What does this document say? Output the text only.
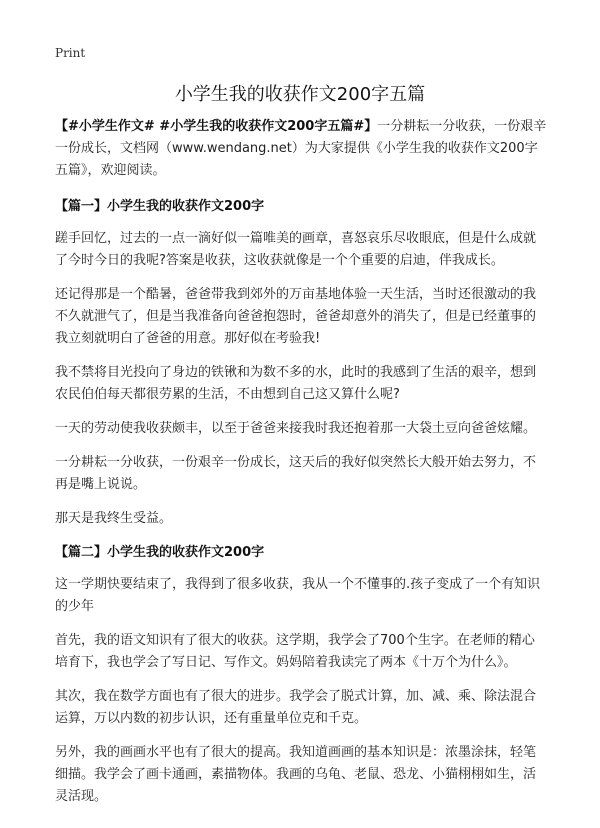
Print
小学生我的收获作文200字五篇

【#小学生作文# #小学生我的收获作文200字五篇#】一分耕耘一分收获，一份艰辛一份成长，文档网（www.wendang.net）为大家提供《小学生我的收获作文200字五篇》，欢迎阅读。

【篇一】小学生我的收获作文200字

蹉手回忆，过去的一点一滴好似一篇唯美的画章，喜怒哀乐尽收眼底，但是什么成就了今时今日的我呢?答案是收获，这收获就像是一个个重要的启迪，伴我成长。

还记得那是一个酷暑，爸爸带我到郊外的万亩基地体验一天生活，当时还很激动的我不久就泄气了，但是当我准备向爸爸抱怨时，爸爸却意外的消失了，但是已经董事的我立刻就明白了爸爸的用意。那好似在考验我!

我不禁将目光投向了身边的铁锹和为数不多的水，此时的我感到了生活的艰辛，想到农民伯伯每天都很劳累的生活，不由想到自己这又算什么呢?

一天的劳动使我收获颇丰，以至于爸爸来接我时我还抱着那一大袋土豆向爸爸炫耀。

一分耕耘一分收获，一份艰辛一份成长，这天后的我好似突然长大般开始去努力，不再是嘴上说说。

那天是我终生受益。

【篇二】小学生我的收获作文200字

这一学期快要结束了，我得到了很多收获，我从一个不懂事的.孩子变成了一个有知识的少年

首先，我的语文知识有了很大的收获。这学期，我学会了700个生字。在老师的精心培育下，我也学会了写日记、写作文。妈妈陪着我读完了两本《十万个为什么》。

其次，我在数学方面也有了很大的进步。我学会了脱式计算，加、减、乘、除法混合运算，万以内数的初步认识，还有重量单位克和千克。

另外，我的画画水平也有了很大的提高。我知道画画的基本知识是：浓墨涂抹，轻笔细描。我学会了画卡通画，素描物体。我画的乌龟、老鼠、恐龙、小猫栩栩如生，活灵活现。
